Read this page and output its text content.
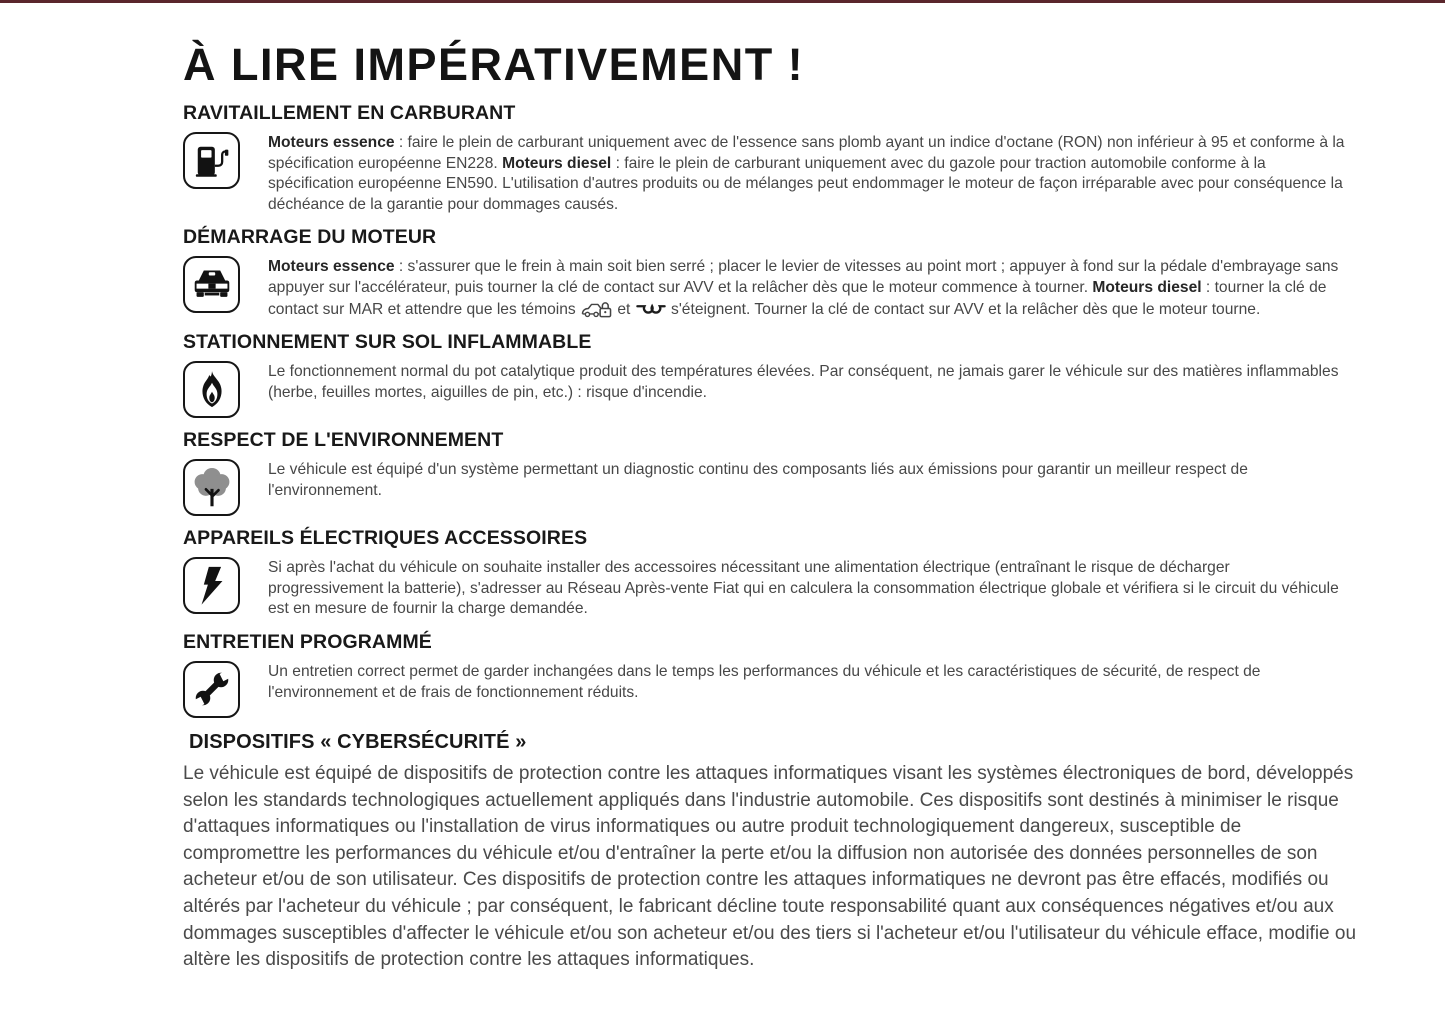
À LIRE IMPÉRATIVEMENT !
RAVITAILLEMENT EN CARBURANT

Moteurs essence : faire le plein de carburant uniquement avec de l'essence sans plomb ayant un indice d'octane (RON) non inférieur à 95 et conforme à la spécification européenne EN228. Moteurs diesel : faire le plein de carburant uniquement avec du gazole pour traction automobile conforme à la spécification européenne EN590. L'utilisation d'autres produits ou de mélanges peut endommager le moteur de façon irréparable avec pour conséquence la déchéance de la garantie pour dommages causés.

DÉMARRAGE DU MOTEUR

Moteurs essence : s'assurer que le frein à main soit bien serré ; placer le levier de vitesses au point mort ; appuyer à fond sur la pédale d'embrayage sans appuyer sur l'accélérateur, puis tourner la clé de contact sur AVV et la relâcher dès que le moteur commence à tourner. Moteurs diesel : tourner la clé de contact sur MAR et attendre que les témoins  et  s'éteignent. Tourner la clé de contact sur AVV et la relâcher dès que le moteur tourne.

STATIONNEMENT SUR SOL INFLAMMABLE

Le fonctionnement normal du pot catalytique produit des températures élevées. Par conséquent, ne jamais garer le véhicule sur des matières inflammables (herbe, feuilles mortes, aiguilles de pin, etc.) : risque d'incendie.

RESPECT DE L'ENVIRONNEMENT

Le véhicule est équipé d'un système permettant un diagnostic continu des composants liés aux émissions pour garantir un meilleur respect de l'environnement.

APPAREILS ÉLECTRIQUES ACCESSOIRES

Si après l'achat du véhicule on souhaite installer des accessoires nécessitant une alimentation électrique (entraînant le risque de décharger progressivement la batterie), s'adresser au Réseau Après-vente Fiat qui en calculera la consommation électrique globale et vérifiera si le circuit du véhicule est en mesure de fournir la charge demandée.

ENTRETIEN PROGRAMMÉ

Un entretien correct permet de garder inchangées dans le temps les performances du véhicule et les caractéristiques de sécurité, de respect de l'environnement et de frais de fonctionnement réduits.

DISPOSITIFS « CYBERSÉCURITÉ »

Le véhicule est équipé de dispositifs de protection contre les attaques informatiques visant les systèmes électroniques de bord, développés selon les standards technologiques actuellement appliqués dans l'industrie automobile. Ces dispositifs sont destinés à minimiser le risque d'attaques informatiques ou l'installation de virus informatiques ou autre produit technologiquement dangereux, susceptible de compromettre les performances du véhicule et/ou d'entraîner la perte et/ou la diffusion non autorisée des données personnelles de son acheteur et/ou de son utilisateur. Ces dispositifs de protection contre les attaques informatiques ne devront pas être effacés, modifiés ou altérés par l'acheteur du véhicule ; par conséquent, le fabricant décline toute responsabilité quant aux conséquences négatives et/ou aux dommages susceptibles d'affecter le véhicule et/ou son acheteur et/ou des tiers si l'acheteur et/ou l'utilisateur du véhicule efface, modifie ou altère les dispositifs de protection contre les attaques informatiques.
